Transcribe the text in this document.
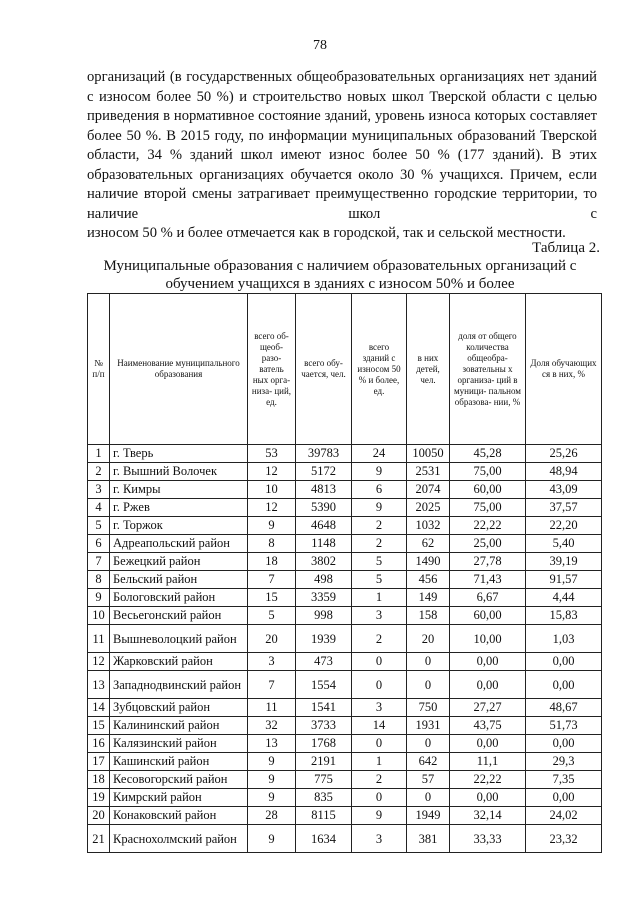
78

организаций (в государственных общеобразовательных организациях нет зданий с износом более 50 %) и строительство новых школ Тверской области с целью приведения в нормативное состояние зданий, уровень износа которых составляет более 50 %. В 2015 году, по информации муниципальных образований Тверской области, 34 % зданий школ имеют износ более 50 % (177 зданий). В этих образовательных организациях обучается около 30 % учащихся. Причем, если наличие второй смены затрагивает преимущественно городские территории, то наличие школ с
износом 50 % и более отмечается как в городской, так и сельской местности.

Таблица 2.

Муниципальные образования с наличием образовательных организаций с
обучением учащихся в зданиях с износом 50% и более

№ п/п	Наименование муниципального образования	всего об- щеоб- разо- ватель ных орга- низа- ций, ед.	всего обу- чается, чел.	всего зданий с износом 50 % и более, ед.	в них детей, чел.	доля от общего количества общеобра- зовательны х организа- ций в муници- пальном образова- нии, %	Доля обучающих ся в них, %
1	г. Тверь	53	39783	24	10050	45,28	25,26
2	г. Вышний Волочек	12	5172	9	2531	75,00	48,94
3	г. Кимры	10	4813	6	2074	60,00	43,09
4	г. Ржев	12	5390	9	2025	75,00	37,57
5	г. Торжок	9	4648	2	1032	22,22	22,20
6	Адреапольский район	8	1148	2	62	25,00	5,40
7	Бежецкий район	18	3802	5	1490	27,78	39,19
8	Бельский район	7	498	5	456	71,43	91,57
9	Бологовский район	15	3359	1	149	6,67	4,44
10	Весьегонский район	5	998	3	158	60,00	15,83
11	Вышневолоцкий район	20	1939	2	20	10,00	1,03
12	Жарковский район	3	473	0	0	0,00	0,00
13	Западнодвинский район	7	1554	0	0	0,00	0,00
14	Зубцовский район	11	1541	3	750	27,27	48,67
15	Калининский район	32	3733	14	1931	43,75	51,73
16	Калязинский район	13	1768	0	0	0,00	0,00
17	Кашинский район	9	2191	1	642	11,1	29,3
18	Кесовогорский район	9	775	2	57	22,22	7,35
19	Кимрский район	9	835	0	0	0,00	0,00
20	Конаковский район	28	8115	9	1949	32,14	24,02
21	Краснохолмский район	9	1634	3	381	33,33	23,32
